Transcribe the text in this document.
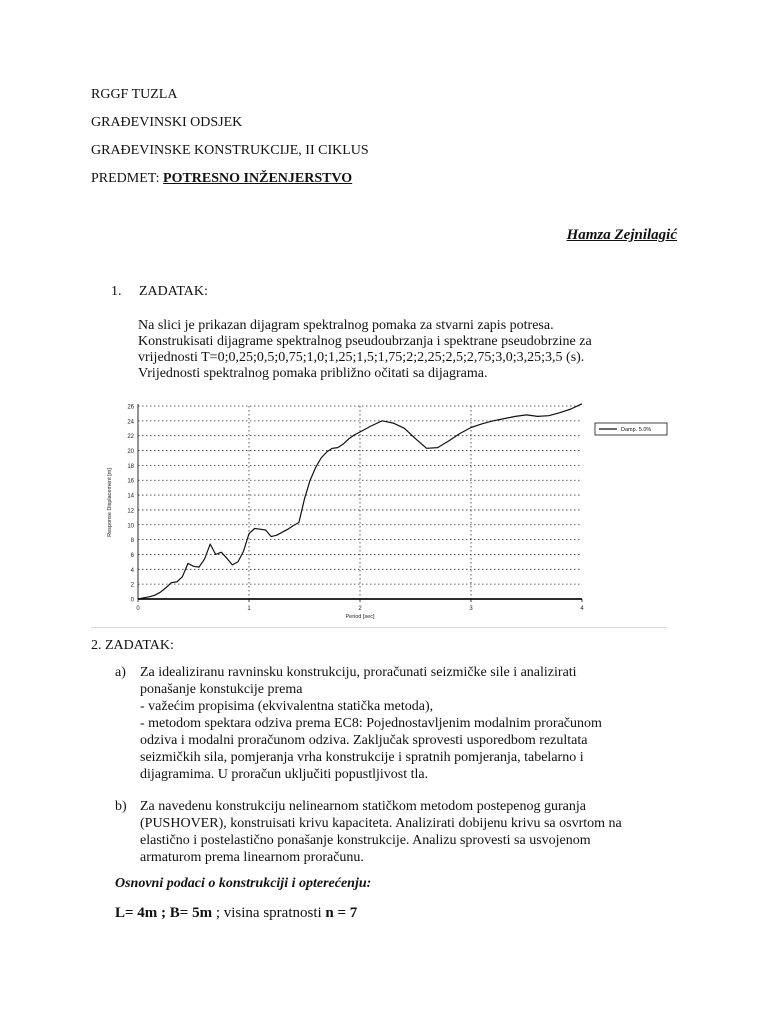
RGGF TUZLA
GRAĐEVINSKI ODSJEK
GRAĐEVINSKE KONSTRUKCIJE, II CIKLUS
PREDMET: POTRESNO INŽENJERSTVO
Hamza Zejnilagić
1. ZADATAK:
Na slici je prikazan dijagram spektralnog pomaka za stvarni zapis potresa.
Konstrukisati dijagrame spektralnog pseudoubrzanja i spektrane pseudobrzine za
vrijednosti T=0;0,25;0,5;0,75;1,0;1,25;1,5;1,75;2;2,25;2,5;2,75;3,0;3,25;3,5 (s).
Vrijednosti spektralnog pomaka približno očitati sa dijagrama.
0
2
4
6
8
10
12
14
16
18
20
22
24
26
0	1	2	3	4
Period [sec]
Response Displacement [m]
Damp. 5.0%
2. ZADATAK:
a) Za idealiziranu ravninsku konstrukciju, proračunati seizmičke sile i analizirati
ponašanje konstukcije prema
- važećim propisima (ekvivalentna statička metoda),
- metodom spektara odziva prema EC8: Pojednostavljenim modalnim proračunom
odziva i modalni proračunom odziva. Zaključak sprovesti usporedbom rezultata
seizmičkih sila, pomjeranja vrha konstrukcije i spratnih pomjeranja, tabelarno i
dijagramima. U proračun uključiti popustljivost tla.
b) Za navedenu konstrukciju nelinearnom statičkom metodom postepenog guranja
(PUSHOVER), konstruisati krivu kapaciteta. Analizirati dobijenu krivu sa osvrtom na
elastično i postelastično ponašanje konstrukcije. Analizu sprovesti sa usvojenom
armaturom prema linearnom proračunu.
Osnovni podaci o konstrukciji i opterećenju:
L= 4m ; B= 5m ; visina spratnosti n = 7
